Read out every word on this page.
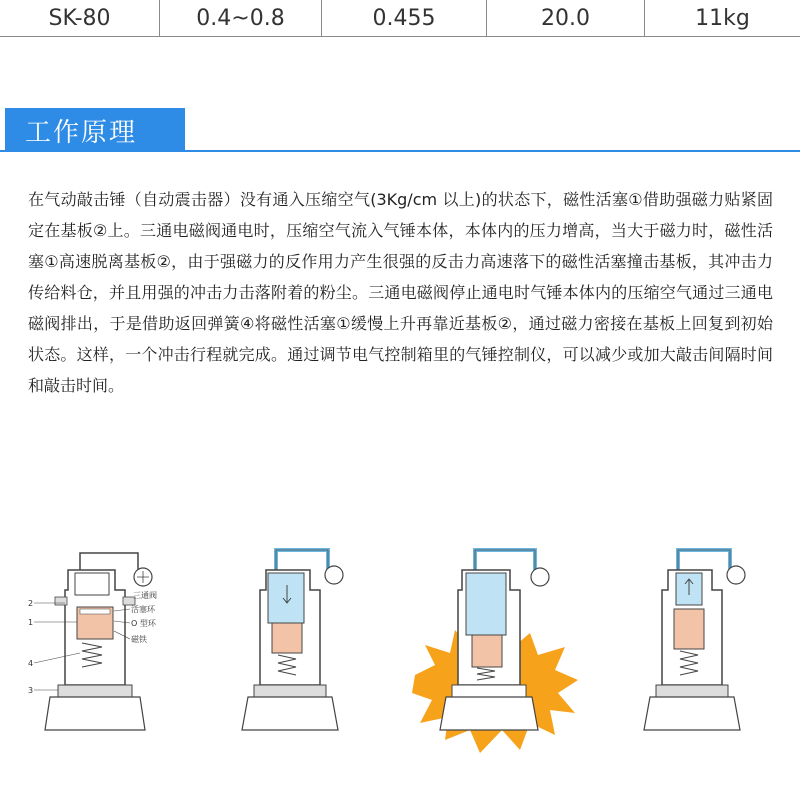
SK-80	0.4~0.8	0.455	20.0	11kg
工作原理

在气动敲击锤（自动震击器）没有通入压缩空气(3Kg/cm 以上)的状态下，磁性活塞①借助强磁力贴紧固定在基板②上。三通电磁阀通电时，压缩空气流入气锤本体，本体内的压力增高，当大于磁力时，磁性活塞①高速脱离基板②，由于强磁力的反作用力产生很强的反击力高速落下的磁性活塞撞击基板，其冲击力传给料仓，并且用强的冲击力击落附着的粉尘。三通电磁阀停止通电时气锤本体内的压缩空气通过三通电磁阀排出，于是借助返回弹簧④将磁性活塞①缓慢上升再靠近基板②，通过磁力密接在基板上回复到初始状态。这样，一个冲击行程就完成。通过调节电气控制箱里的气锤控制仪，可以减少或加大敲击间隔时间和敲击时间。

2
1
4
3
三通阀
活塞环
O 型环
磁铁
